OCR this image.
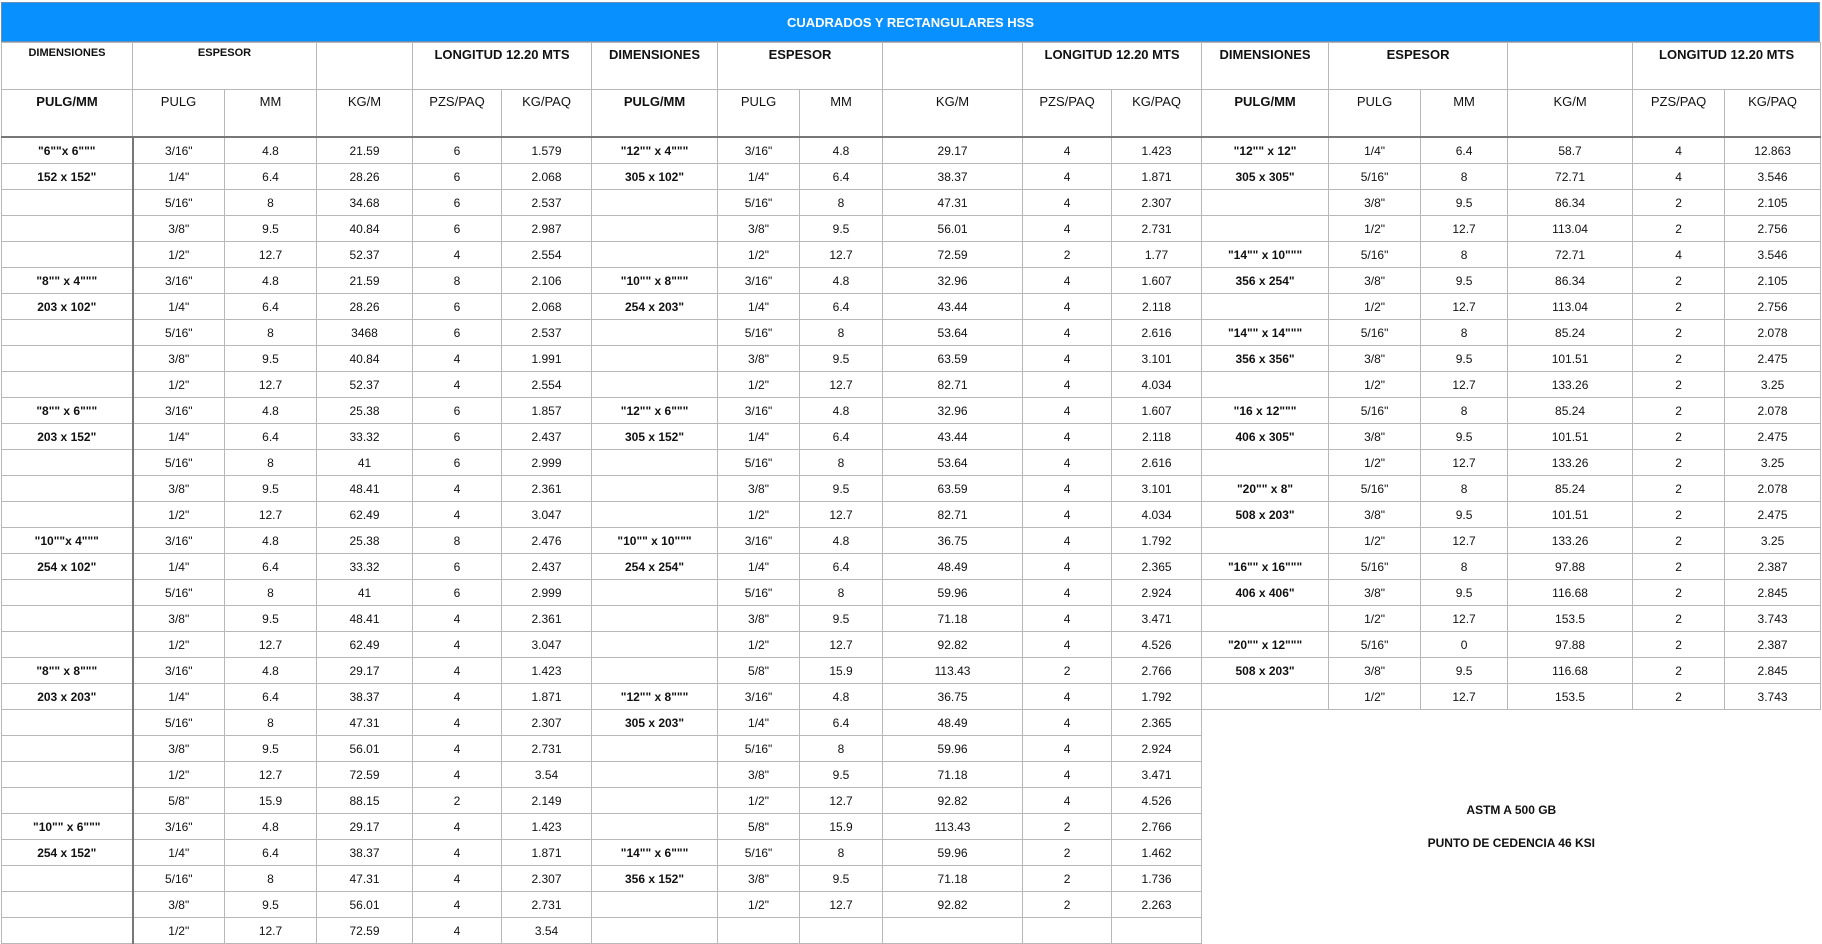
CUADRADOS Y RECTANGULARES HSS
DIMENSIONES	ESPESOR			LONGITUD 12.20 MTS		DIMENSIONES	ESPESOR			LONGITUD 12.20 MTS		DIMENSIONES	ESPESOR			LONGITUD 12.20 MTS	
PULG/MM	PULG	MM	KG/M	PZS/PAQ	KG/PAQ	PULG/MM	PULG	MM	KG/M	PZS/PAQ	KG/PAQ	PULG/MM	PULG	MM	KG/M	PZS/PAQ	KG/PAQ
"6""x 6"""	3/16"	4.8	21.59	6	1.579	"12"" x 4"""	3/16"	4.8	29.17	4	1.423	"12"" x 12"	1/4"	6.4	58.7	4	12.863
152 x 152"	1/4"	6.4	28.26	6	2.068	305 x 102"	1/4"	6.4	38.37	4	1.871	305 x 305"	5/16"	8	72.71	4	3.546
	5/16"	8	34.68	6	2.537		5/16"	8	47.31	4	2.307		3/8"	9.5	86.34	2	2.105
	3/8"	9.5	40.84	6	2.987		3/8"	9.5	56.01	4	2.731		1/2"	12.7	113.04	2	2.756
	1/2"	12.7	52.37	4	2.554		1/2"	12.7	72.59	2	1.77	"14"" x 10"""	5/16"	8	72.71	4	3.546
"8"" x 4"""	3/16"	4.8	21.59	8	2.106	"10"" x 8"""	3/16"	4.8	32.96	4	1.607	356 x 254"	3/8"	9.5	86.34	2	2.105
203 x 102"	1/4"	6.4	28.26	6	2.068	254 x 203"	1/4"	6.4	43.44	4	2.118		1/2"	12.7	113.04	2	2.756
	5/16"	8	3468	6	2.537		5/16"	8	53.64	4	2.616	"14"" x 14"""	5/16"	8	85.24	2	2.078
	3/8"	9.5	40.84	4	1.991		3/8"	9.5	63.59	4	3.101	356 x 356"	3/8"	9.5	101.51	2	2.475
	1/2"	12.7	52.37	4	2.554		1/2"	12.7	82.71	4	4.034		1/2"	12.7	133.26	2	3.25
"8"" x 6"""	3/16"	4.8	25.38	6	1.857	"12"" x 6"""	3/16"	4.8	32.96	4	1.607	"16 x 12"""	5/16"	8	85.24	2	2.078
203 x 152"	1/4"	6.4	33.32	6	2.437	305 x 152"	1/4"	6.4	43.44	4	2.118	406 x 305"	3/8"	9.5	101.51	2	2.475
	5/16"	8	41	6	2.999		5/16"	8	53.64	4	2.616		1/2"	12.7	133.26	2	3.25
	3/8"	9.5	48.41	4	2.361		3/8"	9.5	63.59	4	3.101	"20"" x 8"	5/16"	8	85.24	2	2.078
	1/2"	12.7	62.49	4	3.047		1/2"	12.7	82.71	4	4.034	508 x 203"	3/8"	9.5	101.51	2	2.475
"10""x 4"""	3/16"	4.8	25.38	8	2.476	"10"" x 10"""	3/16"	4.8	36.75	4	1.792		1/2"	12.7	133.26	2	3.25
254 x 102"	1/4"	6.4	33.32	6	2.437	254 x 254"	1/4"	6.4	48.49	4	2.365	"16"" x 16"""	5/16"	8	97.88	2	2.387
	5/16"	8	41	6	2.999		5/16"	8	59.96	4	2.924	406 x 406"	3/8"	9.5	116.68	2	2.845
	3/8"	9.5	48.41	4	2.361		3/8"	9.5	71.18	4	3.471		1/2"	12.7	153.5	2	3.743
	1/2"	12.7	62.49	4	3.047		1/2"	12.7	92.82	4	4.526	"20"" x 12"""	5/16"	0	97.88	2	2.387
"8"" x 8"""	3/16"	4.8	29.17	4	1.423		5/8"	15.9	113.43	2	2.766	508 x 203"	3/8"	9.5	116.68	2	2.845
203 x 203"	1/4"	6.4	38.37	4	1.871	"12"" x 8"""	3/16"	4.8	36.75	4	1.792		1/2"	12.7	153.5	2	3.743
	5/16"	8	47.31	4	2.307	305 x 203"	1/4"	6.4	48.49	4	2.365	ASTM A 500 GB
PUNTO DE CEDENCIA 46 KSI					

	3/8"	9.5	56.01	4	2.731		5/16"	8	59.96	4	2.924						
	1/2"	12.7	72.59	4	3.54		3/8"	9.5	71.18	4	3.471						
	5/8"	15.9	88.15	2	2.149		1/2"	12.7	92.82	4	4.526						
"10"" x 6"""	3/16"	4.8	29.17	4	1.423		5/8"	15.9	113.43	2	2.766						
254 x 152"	1/4"	6.4	38.37	4	1.871	"14"" x 6"""	5/16"	8	59.96	2	1.462						
	5/16"	8	47.31	4	2.307	356 x 152"	3/8"	9.5	71.18	2	1.736						
	3/8"	9.5	56.01	4	2.731		1/2"	12.7	92.82	2	2.263						
	1/2"	12.7	72.59	4	3.54												
